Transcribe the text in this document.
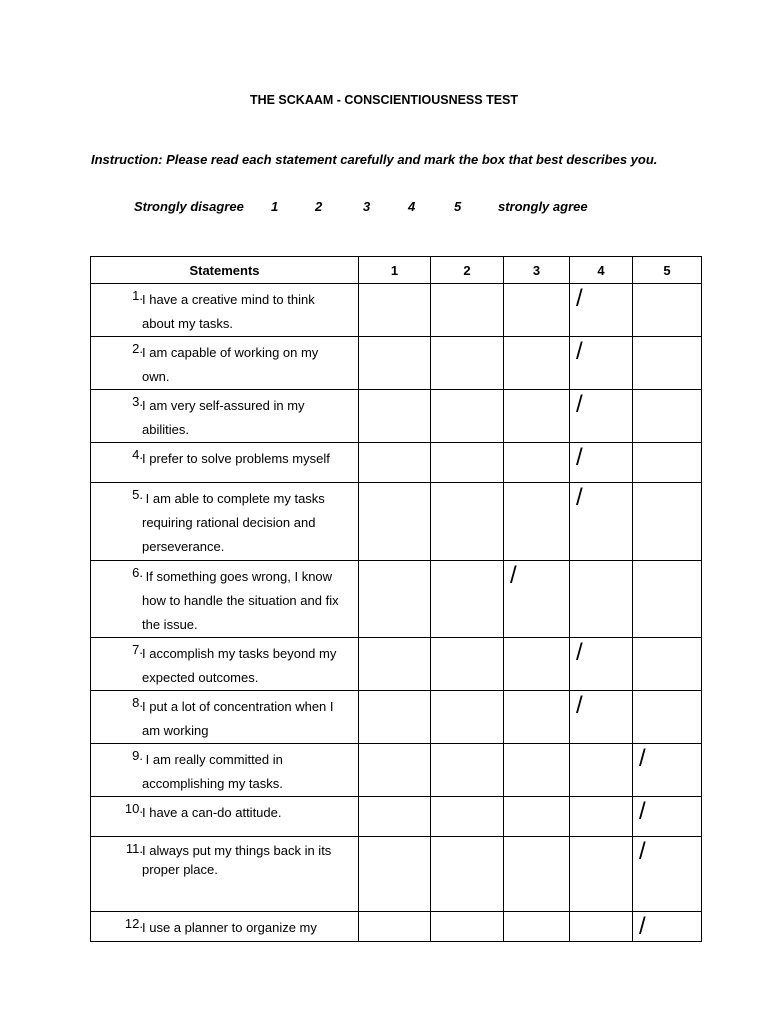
THE SCKAAM - CONSCIENTIOUSNESS TEST
Instruction: Please read each statement carefully and mark the box that best describes you.
Strongly disagree 1	2	3	4	5	strongly agree
Statements	1	2	3	4	5

1. I have a creative mind to think
about my tasks.				/	

2. I am capable of working on my
own.				/	

3. I am very self-assured in my
abilities.				/	

4. I prefer to solve problems myself				/	

5. I am able to complete my tasks
requiring rational decision and
perseverance.				/	

6. If something goes wrong, I know
how to handle the situation and fix
the issue.			/		

7. I accomplish my tasks beyond my
expected outcomes.				/	

8. I put a lot of concentration when I
am working				/	

9. I am really committed in
accomplishing my tasks.					/

10. I have a can-do attitude.					/

11. I always put my things back in its
proper place.					/

12. I use a planner to organize my					/
